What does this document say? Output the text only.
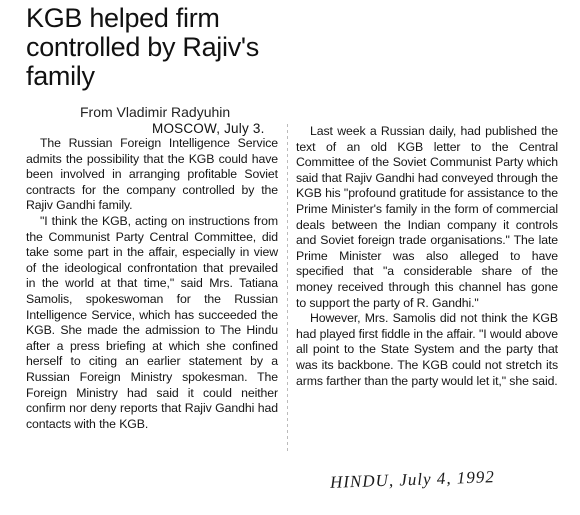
KGB helped firm controlled by Rajiv's family
From Vladimir Radyuhin
MOSCOW, July 3.

The Russian Foreign Intelligence Service admits the possibility that the KGB could have been involved in arranging profitable Soviet contracts for the company controlled by the Rajiv Gandhi family.

"I think the KGB, acting on instructions from the Communist Party Central Committee, did take some part in the affair, especially in view of the ideological confrontation that prevailed in the world at that time," said Mrs. Tatiana Samolis, spokeswoman for the Russian Intelligence Service, which has succeeded the KGB. She made the admission to The Hindu after a press briefing at which she confined herself to citing an earlier statement by a Russian Foreign Ministry spokesman. The Foreign Ministry had said it could neither confirm nor deny reports that Rajiv Gandhi had contacts with the KGB.

Last week a Russian daily, had published the text of an old KGB letter to the Central Committee of the Soviet Communist Party which said that Rajiv Gandhi had conveyed through the KGB his "profound gratitude for assistance to the Prime Minister's family in the form of commercial deals between the Indian company it controls and Soviet foreign trade organisations." The late Prime Minister was also alleged to have specified that "a considerable share of the money received through this channel has gone to support the party of R. Gandhi."

However, Mrs. Samolis did not think the KGB had played first fiddle in the affair. "I would above all point to the State System and the party that was its backbone. The KGB could not stretch its arms farther than the party would let it," she said.

HINDU, July 4, 1992
